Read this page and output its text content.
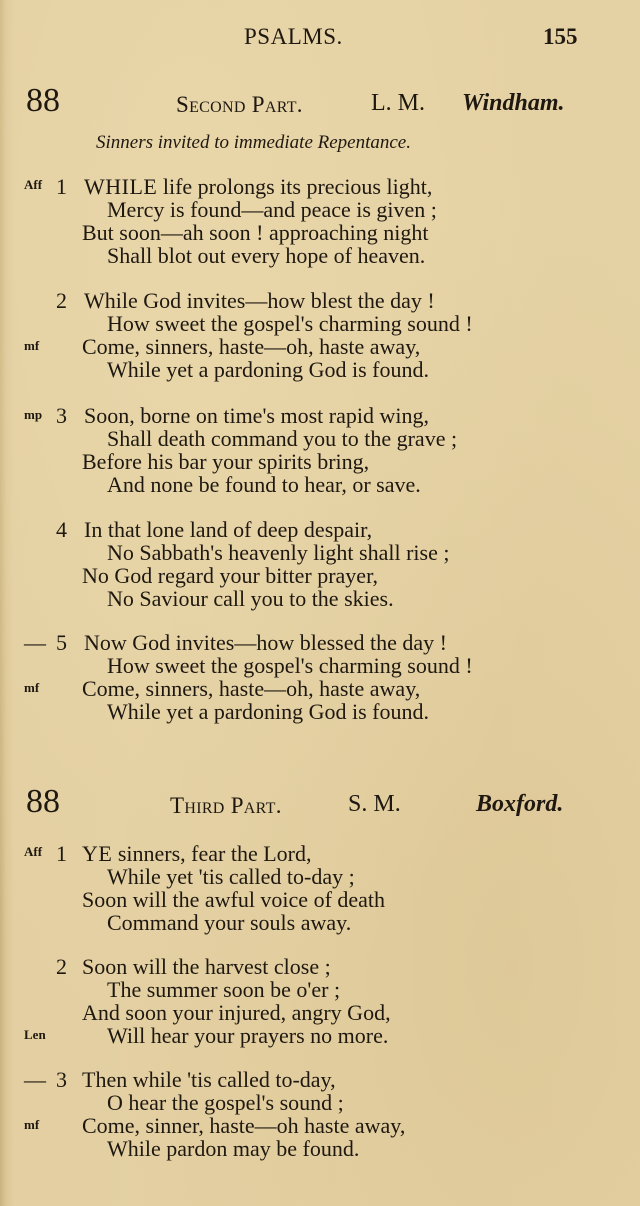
PSALMS.	155
88	Second Part.	L. M. Windham.
Sinners invited to immediate Repentance.
Aff 1 WHILE life prolongs its precious light,
Mercy is found—and peace is given ;
But soon—ah soon ! approaching night
Shall blot out every hope of heaven.
2 While God invites—how blest the day !
How sweet the gospel's charming sound !
mf Come, sinners, haste—oh, haste away,
While yet a pardoning God is found.
mp 3 Soon, borne on time's most rapid wing,
Shall death command you to the grave ;
Before his bar your spirits bring,
And none be found to hear, or save.
4 In that lone land of deep despair,
No Sabbath's heavenly light shall rise ;
No God regard your bitter prayer,
No Saviour call you to the skies.
— 5 Now God invites—how blessed the day !
How sweet the gospel's charming sound !
mf Come, sinners, haste—oh, haste away,
While yet a pardoning God is found.
88	Third Part.	S. M.	Boxford.
Aff 1 YE sinners, fear the Lord,
While yet 'tis called to-day ;
Soon will the awful voice of death
Command your souls away.
2 Soon will the harvest close ;
The summer soon be o'er ;
And soon your injured, angry God,
Len	Will hear your prayers no more.
— 3 Then while 'tis called to-day,
O hear the gospel's sound ;
mf Come, sinner, haste—oh haste away,
While pardon may be found.
